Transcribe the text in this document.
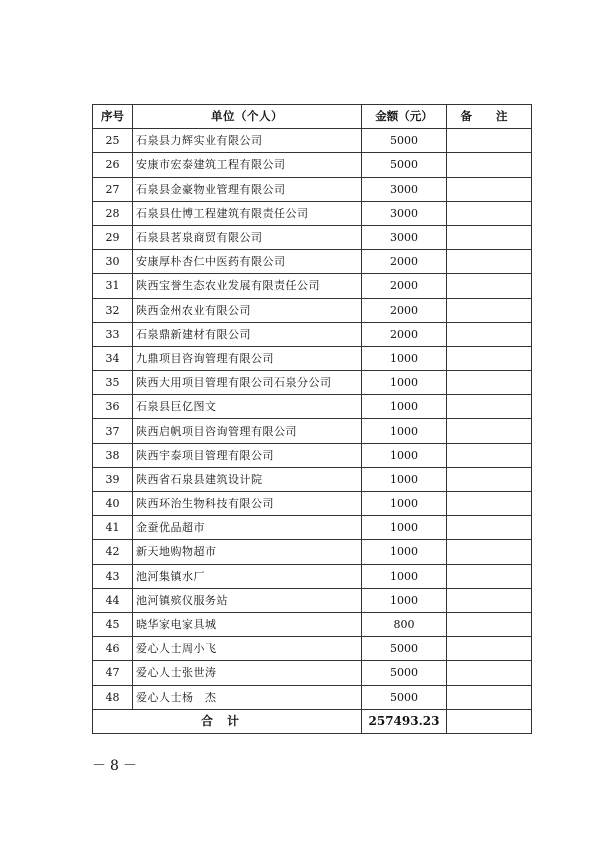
序号	单位（个人）	金额（元）	备 注
25	石泉县力辉实业有限公司	5000	
26	安康市宏泰建筑工程有限公司	5000	
27	石泉县金豪物业管理有限公司	3000	
28	石泉县仕博工程建筑有限责任公司	3000	
29	石泉县茗泉商贸有限公司	3000	
30	安康厚朴杏仁中医药有限公司	2000	
31	陕西宝誉生态农业发展有限责任公司	2000	
32	陕西金州农业有限公司	2000	
33	石泉鼎新建材有限公司	2000	
34	九鼎项目咨询管理有限公司	1000	
35	陕西大用项目管理有限公司石泉分公司	1000	
36	石泉县巨亿图文	1000	
37	陕西启帆项目咨询管理有限公司	1000	
38	陕西宇泰项目管理有限公司	1000	
39	陕西省石泉县建筑设计院	1000	
40	陕西环治生物科技有限公司	1000	
41	金蚕优品超市	1000	
42	新天地购物超市	1000	
43	池河集镇水厂	1000	
44	池河镇殡仪服务站	1000	
45	晓华家电家具城	800	
46	爱心人士周小飞	5000	
47	爱心人士张世涛	5000	
48	爱心人士杨　杰	5000	
合计		257493.23	
－8－
